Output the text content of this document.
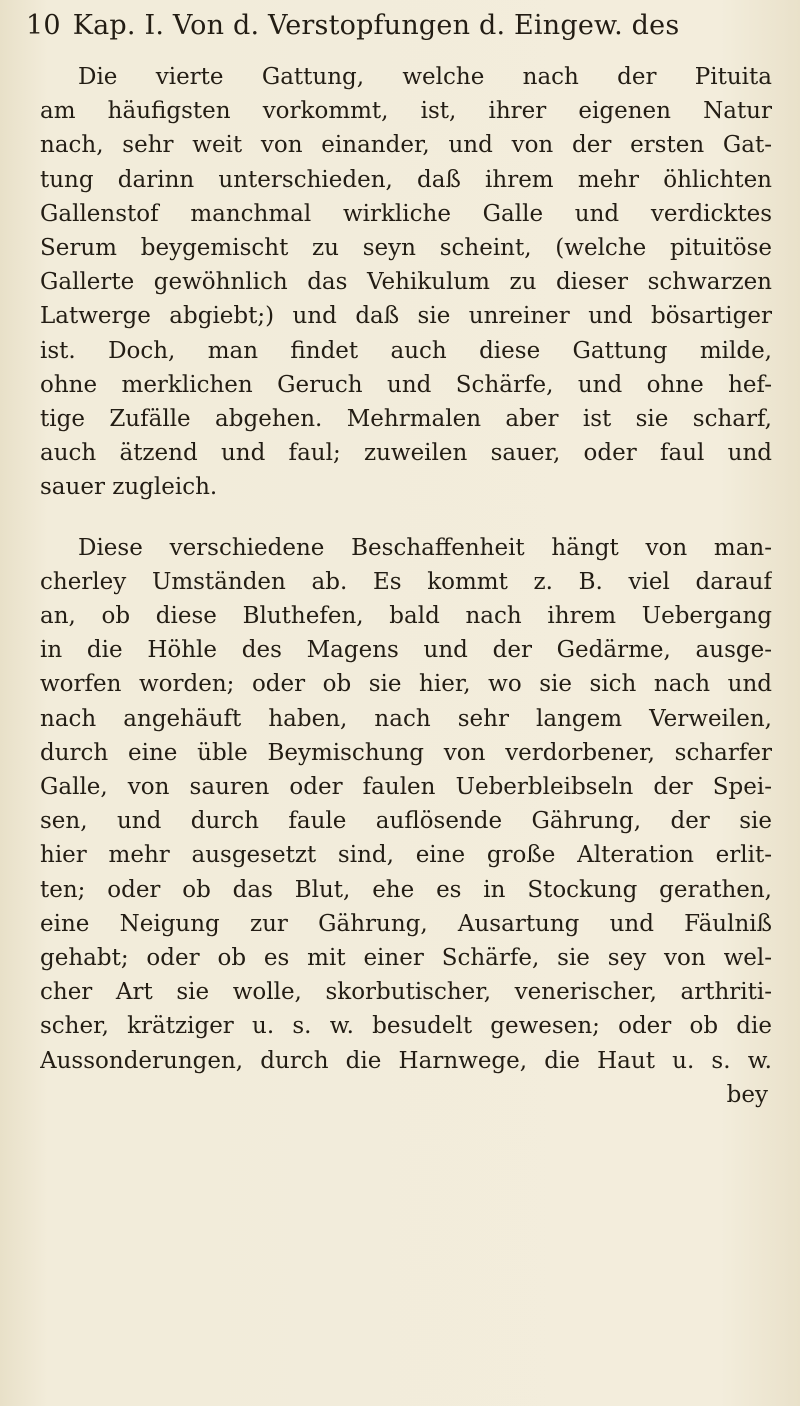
10 Kap. I. Von d. Verstopfungen d. Eingew. des

Die vierte Gattung, welche nach der Pituita
am häufigsten vorkommt, ist, ihrer eigenen Natur
nach, sehr weit von einander, und von der ersten Gat-
tung darinn unterschieden, daß ihrem mehr öhlichten
Gallenstof manchmal wirkliche Galle und verdicktes
Serum beygemischt zu seyn scheint, (welche pituitöse
Gallerte gewöhnlich das Vehikulum zu dieser schwarzen
Latwerge abgiebt;) und daß sie unreiner und bösartiger
ist. Doch, man findet auch diese Gattung milde,
ohne merklichen Geruch und Schärfe, und ohne hef-
tige Zufälle abgehen. Mehrmalen aber ist sie scharf,
auch ätzend und faul; zuweilen sauer, oder faul und
sauer zugleich.

Diese verschiedene Beschaffenheit hängt von man-
cherley Umständen ab. Es kommt z. B. viel darauf
an, ob diese Bluthefen, bald nach ihrem Uebergang
in die Höhle des Magens und der Gedärme, ausge-
worfen worden; oder ob sie hier, wo sie sich nach und
nach angehäuft haben, nach sehr langem Verweilen,
durch eine üble Beymischung von verdorbener, scharfer
Galle, von sauren oder faulen Ueberbleibseln der Spei-
sen, und durch faule auflösende Gährung, der sie
hier mehr ausgesetzt sind, eine große Alteration erlit-
ten; oder ob das Blut, ehe es in Stockung gerathen,
eine Neigung zur Gährung, Ausartung und Fäulniß
gehabt; oder ob es mit einer Schärfe, sie sey von wel-
cher Art sie wolle, skorbutischer, venerischer, arthriti-
scher, krätziger u. s. w. besudelt gewesen; oder ob die
Aussonderungen, durch die Harnwege, die Haut u. s. w.

bey
